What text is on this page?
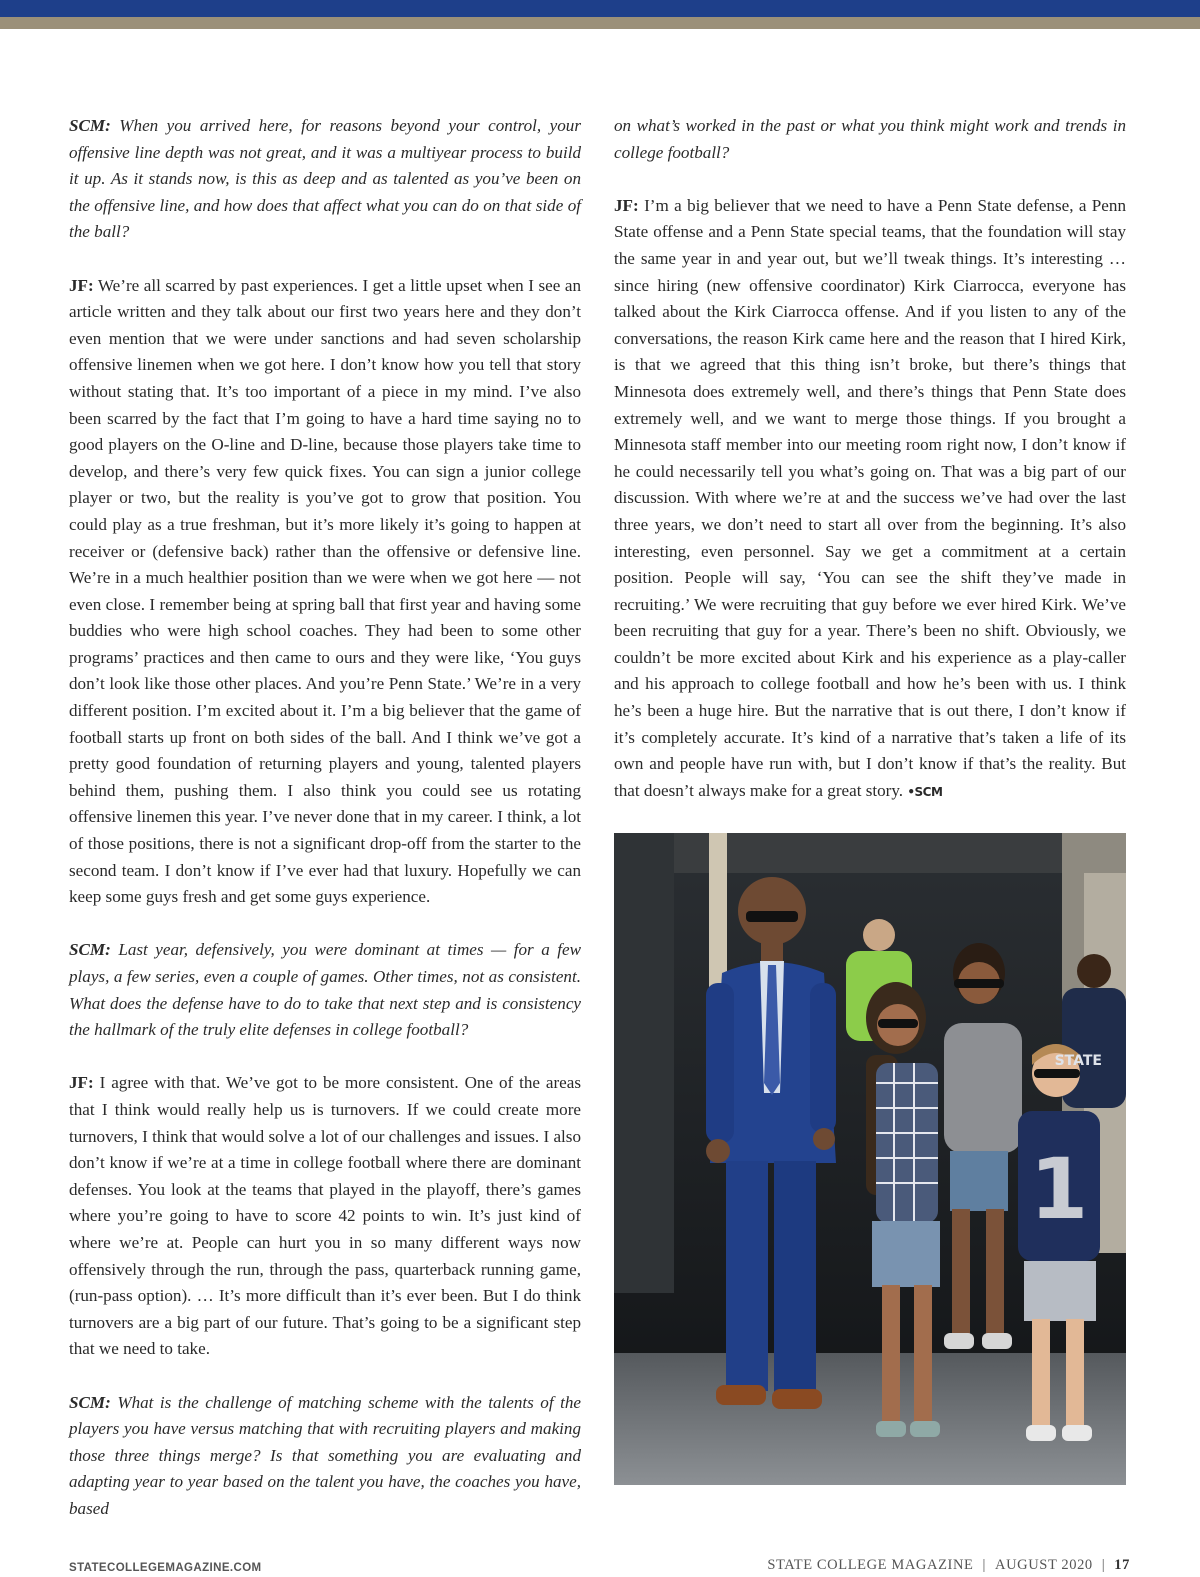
SCM: When you arrived here, for reasons beyond your control, your offensive line depth was not great, and it was a multiyear process to build it up. As it stands now, is this as deep and as talented as you’ve been on the offensive line, and how does that affect what you can do on that side of the ball?

JF: We’re all scarred by past experiences. I get a little upset when I see an article written and they talk about our first two years here and they don’t even mention that we were under sanctions and had seven scholarship offensive linemen when we got here. I don’t know how you tell that story without stating that. It’s too important of a piece in my mind. I’ve also been scarred by the fact that I’m going to have a hard time saying no to good players on the O-line and D-line, because those players take time to develop, and there’s very few quick fixes. You can sign a junior college player or two, but the reality is you’ve got to grow that position. You could play as a true freshman, but it’s more likely it’s going to happen at receiver or (defensive back) rather than the offensive or defensive line. We’re in a much healthier position than we were when we got here — not even close. I remember being at spring ball that first year and having some buddies who were high school coaches. They had been to some other programs’ practices and then came to ours and they were like, ‘You guys don’t look like those other places. And you’re Penn State.’ We’re in a very different position. I’m excited about it. I’m a big believer that the game of football starts up front on both sides of the ball. And I think we’ve got a pretty good foundation of returning players and young, talented players behind them, pushing them. I also think you could see us rotating offensive linemen this year. I’ve never done that in my career. I think, a lot of those positions, there is not a significant drop-off from the starter to the second team. I don’t know if I’ve ever had that luxury. Hopefully we can keep some guys fresh and get some guys experience.

SCM: Last year, defensively, you were dominant at times — for a few plays, a few series, even a couple of games. Other times, not as consistent. What does the defense have to do to take that next step and is consistency the hallmark of the truly elite defenses in college football?

JF: I agree with that. We’ve got to be more consistent. One of the areas that I think would really help us is turnovers. If we could create more turnovers, I think that would solve a lot of our challenges and issues. I also don’t know if we’re at a time in college football where there are dominant defenses. You look at the teams that played in the playoff, there’s games where you’re going to have to score 42 points to win. It’s just kind of where we’re at. People can hurt you in so many different ways now offensively through the run, through the pass, quarterback running game, (run-pass option). … It’s more difficult than it’s ever been. But I do think turnovers are a big part of our future. That’s going to be a significant step that we need to take.

SCM: What is the challenge of matching scheme with the talents of the players you have versus matching that with recruiting players and making those three things merge? Is that something you are evaluating and adapting year to year based on the talent you have, the coaches you have, based

on what’s worked in the past or what you think might work and trends in college football?

JF: I’m a big believer that we need to have a Penn State defense, a Penn State offense and a Penn State special teams, that the foundation will stay the same year in and year out, but we’ll tweak things. It’s interesting … since hiring (new offensive coordinator) Kirk Ciarrocca, everyone has talked about the Kirk Ciarrocca offense. And if you listen to any of the conversations, the reason Kirk came here and the reason that I hired Kirk, is that we agreed that this thing isn’t broke, but there’s things that Minnesota does extremely well, and there’s things that Penn State does extremely well, and we want to merge those things. If you brought a Minnesota staff member into our meeting room right now, I don’t know if he could necessarily tell you what’s going on. That was a big part of our discussion. With where we’re at and the success we’ve had over the last three years, we don’t need to start all over from the beginning. It’s also interesting, even personnel. Say we get a commitment at a certain position. People will say, ‘You can see the shift they’ve made in recruiting.’ We were recruiting that guy before we ever hired Kirk. We’ve been recruiting that guy for a year. There’s been no shift. Obviously, we couldn’t be more excited about Kirk and his experience as a play-caller and his approach to college football and how he’s been with us. I think he’s been a huge hire. But the narrative that is out there, I don’t know if it’s completely accurate. It’s kind of a narrative that’s taken a life of its own and people have run with, but I don’t know if that’s the reality. But that doesn’t always make for a great story. •SCM

1
STATE
STATECOLLEGEMAGAZINE.COM	STATE COLLEGE MAGAZINE | AUGUST 2020 | 17
